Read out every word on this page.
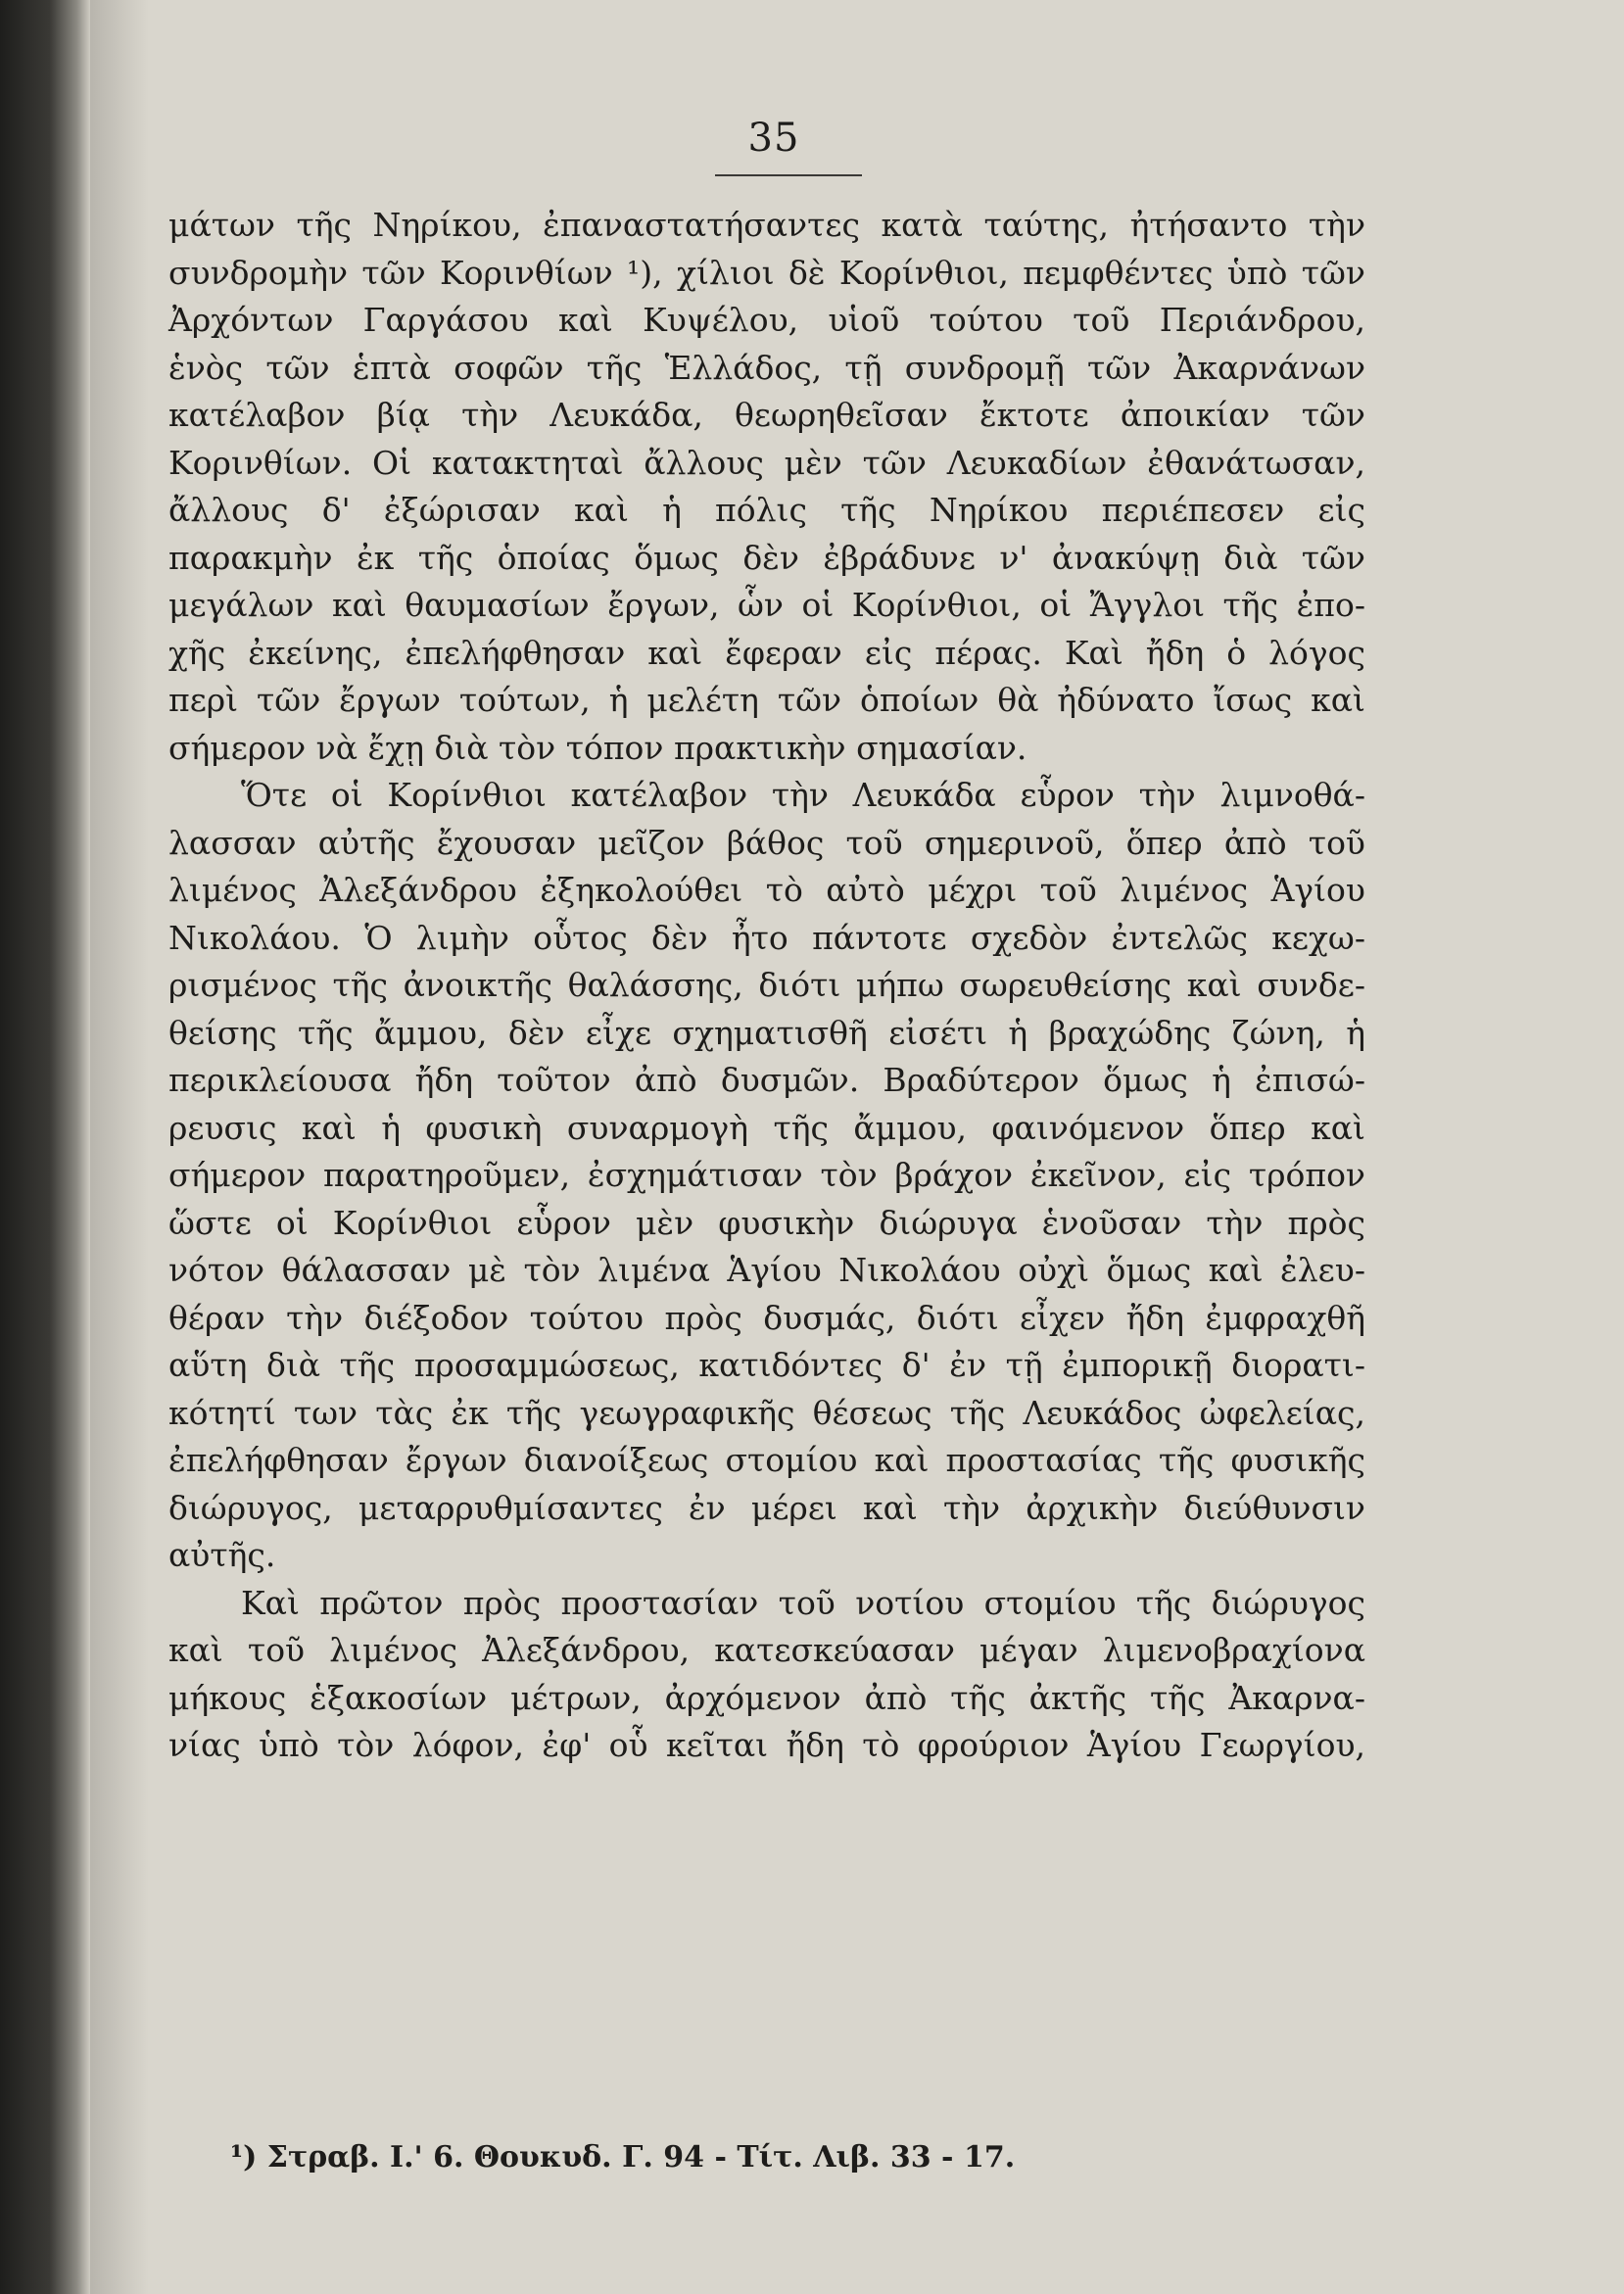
35
μάτων τῆς Νηρίκου, ἐπαναστατήσαντες κατὰ ταύτης, ἠτήσαντο τὴν
συνδρομὴν τῶν Κορινθίων ¹), χίλιοι δὲ Κορίνθιοι, πεμφθέντες ὑπὸ τῶν
Ἀρχόντων Γαργάσου καὶ Κυψέλου, υἱοῦ τούτου τοῦ Περιάνδρου,
ἑνὸς τῶν ἑπτὰ σοφῶν τῆς Ἑλλάδος, τῇ συνδρομῇ τῶν Ἀκαρνάνων
κατέλαβον βίᾳ τὴν Λευκάδα, θεωρηθεῖσαν ἔκτοτε ἀποικίαν τῶν
Κορινθίων. Οἱ κατακτηταὶ ἄλλους μὲν τῶν Λευκαδίων ἐθανάτωσαν,
ἄλλους δ' ἐξώρισαν καὶ ἡ πόλις τῆς Νηρίκου περιέπεσεν εἰς
παρακμὴν ἐκ τῆς ὁποίας ὅμως δὲν ἐβράδυνε ν' ἀνακύψῃ διὰ τῶν
μεγάλων καὶ θαυμασίων ἔργων, ὧν οἱ Κορίνθιοι, οἱ Ἄγγλοι τῆς ἐπο-
χῆς ἐκείνης, ἐπελήφθησαν καὶ ἔφεραν εἰς πέρας. Καὶ ἤδη ὁ λόγος
περὶ τῶν ἔργων τούτων, ἡ μελέτη τῶν ὁποίων θὰ ἠδύνατο ἴσως καὶ
σήμερον νὰ ἔχῃ διὰ τὸν τόπον πρακτικὴν σημασίαν.
Ὅτε οἱ Κορίνθιοι κατέλαβον τὴν Λευκάδα εὗρον τὴν λιμνοθά-
λασσαν αὐτῆς ἔχουσαν μεῖζον βάθος τοῦ σημερινοῦ, ὅπερ ἀπὸ τοῦ
λιμένος Ἀλεξάνδρου ἐξηκολούθει τὸ αὐτὸ μέχρι τοῦ λιμένος Ἁγίου
Νικολάου. Ὁ λιμὴν οὗτος δὲν ἦτο πάντοτε σχεδὸν ἐντελῶς κεχω-
ρισμένος τῆς ἀνοικτῆς θαλάσσης, διότι μήπω σωρευθείσης καὶ συνδε-
θείσης τῆς ἄμμου, δὲν εἶχε σχηματισθῆ εἰσέτι ἡ βραχώδης ζώνη, ἡ
περικλείουσα ἤδη τοῦτον ἀπὸ δυσμῶν. Βραδύτερον ὅμως ἡ ἐπισώ-
ρευσις καὶ ἡ φυσικὴ συναρμογὴ τῆς ἄμμου, φαινόμενον ὅπερ καὶ
σήμερον παρατηροῦμεν, ἐσχημάτισαν τὸν βράχον ἐκεῖνον, εἰς τρόπον
ὥστε οἱ Κορίνθιοι εὗρον μὲν φυσικὴν διώρυγα ἑνοῦσαν τὴν πρὸς
νότον θάλασσαν μὲ τὸν λιμένα Ἁγίου Νικολάου οὐχὶ ὅμως καὶ ἐλευ-
θέραν τὴν διέξοδον τούτου πρὸς δυσμάς, διότι εἶχεν ἤδη ἐμφραχθῆ
αὕτη διὰ τῆς προσαμμώσεως, κατιδόντες δ' ἐν τῇ ἐμπορικῇ διορατι-
κότητί των τὰς ἐκ τῆς γεωγραφικῆς θέσεως τῆς Λευκάδος ὠφελείας,
ἐπελήφθησαν ἔργων διανοίξεως στομίου καὶ προστασίας τῆς φυσικῆς
διώρυγος, μεταρρυθμίσαντες ἐν μέρει καὶ τὴν ἀρχικὴν διεύθυνσιν
αὐτῆς.
Καὶ πρῶτον πρὸς προστασίαν τοῦ νοτίου στομίου τῆς διώρυγος
καὶ τοῦ λιμένος Ἀλεξάνδρου, κατεσκεύασαν μέγαν λιμενοβραχίονα
μήκους ἑξακοσίων μέτρων, ἀρχόμενον ἀπὸ τῆς ἀκτῆς τῆς Ἀκαρνα-
νίας ὑπὸ τὸν λόφον, ἐφ' οὗ κεῖται ἤδη τὸ φρούριον Ἁγίου Γεωργίου,
¹) Στραβ. Ι.' 6. Θουκυδ. Γ. 94 - Τίτ. Λιβ. 33 - 17.
